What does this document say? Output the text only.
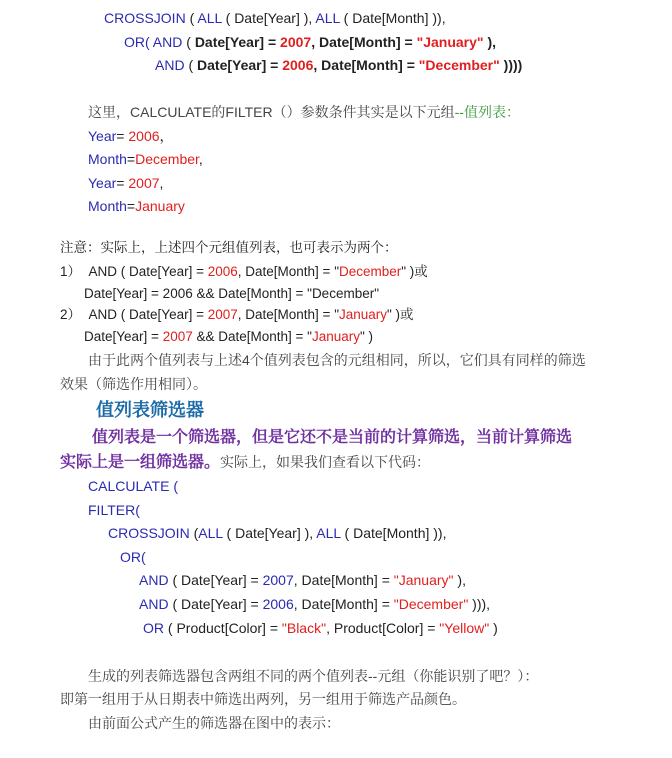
CROSSJOIN ( ALL ( Date[Year] ), ALL ( Date[Month] )),
OR( AND ( Date[Year] = 2007, Date[Month] = "January" ),
AND ( Date[Year] = 2006, Date[Month] = "December" ))))
这里，CALCULATE的FILTER（）参数条件其实是以下元组--值列表：
Year= 2006，
Month=December,
Year= 2007,
Month=January
注意：实际上，上述四个元组值列表，也可表示为两个：
1） AND ( Date[Year] = 2006, Date[Month] = "December" )或
Date[Year] = 2006 && Date[Month] = "December"
2） AND ( Date[Year] = 2007, Date[Month] = "January" )或
Date[Year] = 2007 && Date[Month] = "January" )
由于此两个值列表与上述4个值列表包含的元组相同，所以，它们具有同样的筛选
效果（筛选作用相同）。
值列表筛选器
值列表是一个筛选器，但是它还不是当前的计算筛选，当前计算筛选
实际上是一组筛选器。实际上，如果我们查看以下代码：
CALCULATE (
FILTER(
CROSSJOIN (ALL ( Date[Year] ), ALL ( Date[Month] )),
OR(
AND ( Date[Year] = 2007, Date[Month] = "January" ),
AND ( Date[Year] = 2006, Date[Month] = "December" ))),
OR ( Product[Color] = "Black", Product[Color] = "Yellow" )
生成的列表筛选器包含两组不同的两个值列表--元组（你能识别了吧？）：
即第一组用于从日期表中筛选出两列，另一组用于筛选产品颜色。
由前面公式产生的筛选器在图中的表示：
